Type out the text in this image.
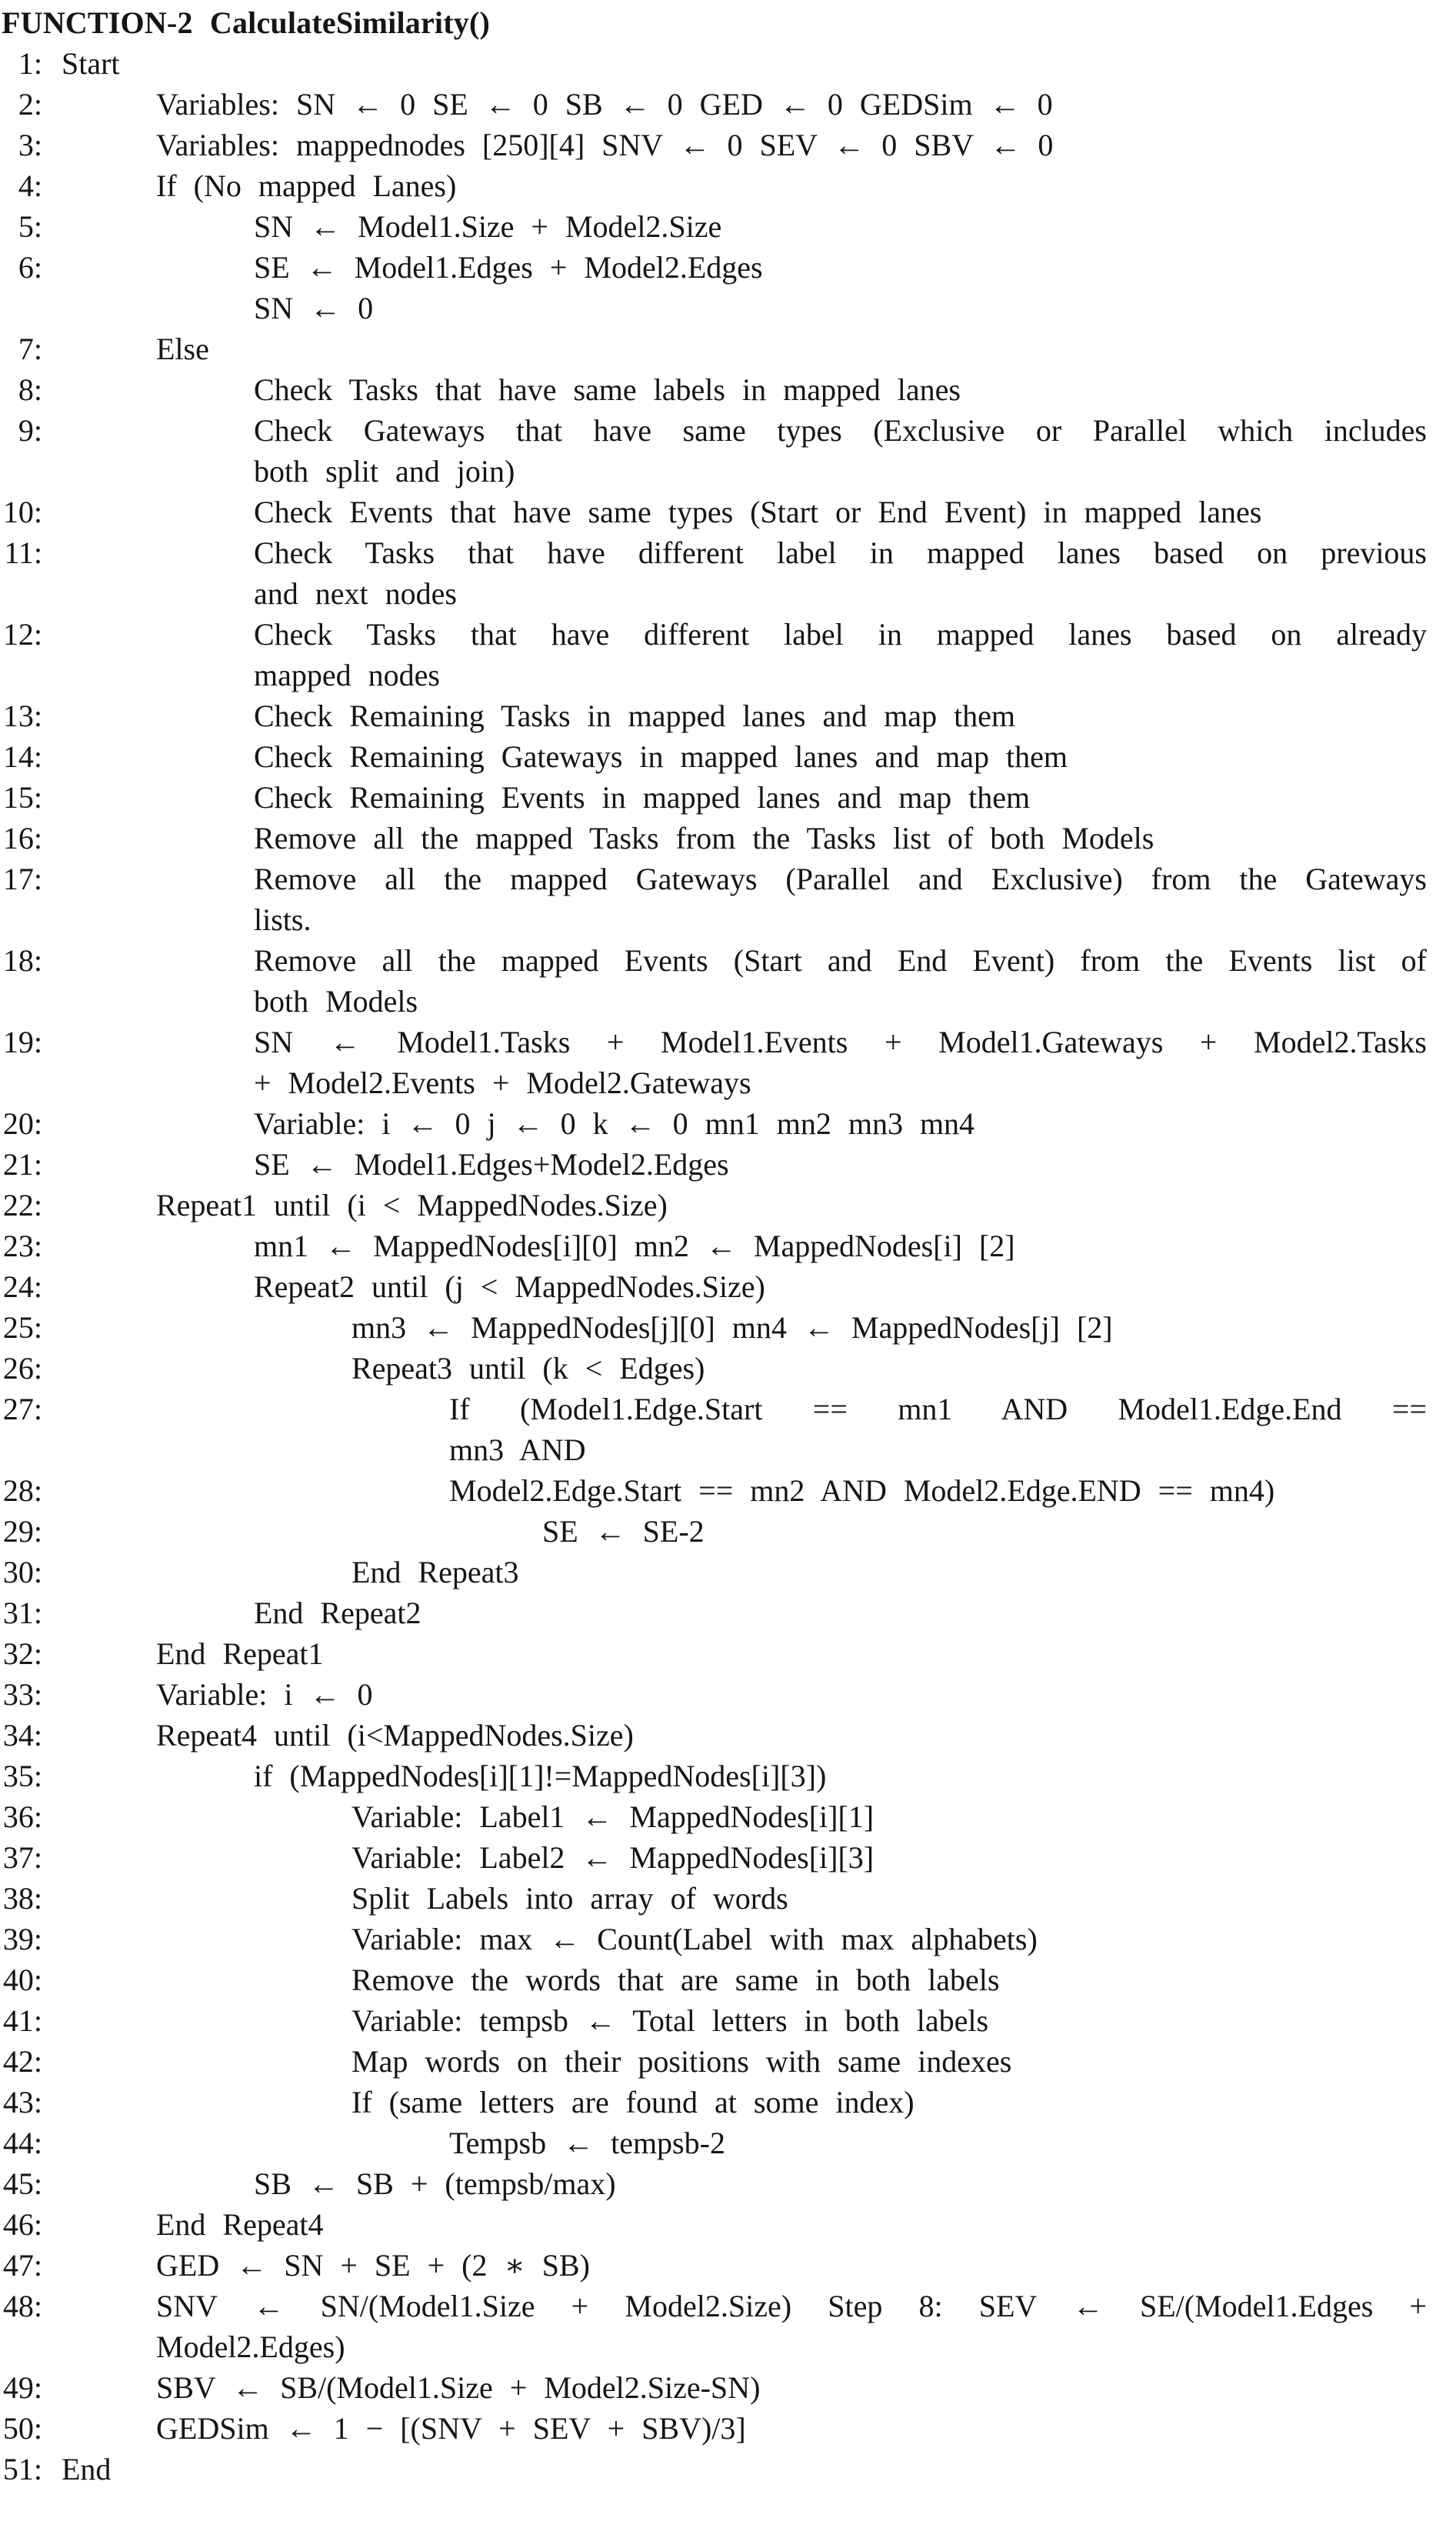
FUNCTION-2 CalculateSimilarity()
1: Start
2:	Variables: SN ← 0 SE ← 0 SB ← 0 GED ← 0 GEDSim ← 0
3:	Variables: mappednodes [250][4] SNV ← 0 SEV ← 0 SBV ← 0
4:	If (No mapped Lanes)
5:	SN ← Model1.Size + Model2.Size
6:	SE ← Model1.Edges + Model2.Edges
SN ← 0
7:	Else
8:	Check Tasks that have same labels in mapped lanes
9:	Check Gateways that have same types (Exclusive or Parallel which includes
both split and join)
10:	Check Events that have same types (Start or End Event) in mapped lanes
11:	Check Tasks that have different label in mapped lanes based on previous
and next nodes
12:	Check Tasks that have different label in mapped lanes based on already
mapped nodes
13:	Check Remaining Tasks in mapped lanes and map them
14:	Check Remaining Gateways in mapped lanes and map them
15:	Check Remaining Events in mapped lanes and map them
16:	Remove all the mapped Tasks from the Tasks list of both Models
17:	Remove all the mapped Gateways (Parallel and Exclusive) from the Gateways
lists.
18:	Remove all the mapped Events (Start and End Event) from the Events list of
both Models
19:	SN ← Model1.Tasks + Model1.Events + Model1.Gateways + Model2.Tasks
+ Model2.Events + Model2.Gateways
20:	Variable: i ← 0 j ← 0 k ← 0 mn1 mn2 mn3 mn4
21:	SE ← Model1.Edges+Model2.Edges
22:	Repeat1 until (i < MappedNodes.Size)
23:	mn1 ← MappedNodes[i][0] mn2 ← MappedNodes[i] [2]
24:	Repeat2 until (j < MappedNodes.Size)
25:	mn3 ← MappedNodes[j][0] mn4 ← MappedNodes[j] [2]
26:	Repeat3 until (k < Edges)
27:	If (Model1.Edge.Start == mn1 AND Model1.Edge.End ==
mn3 AND
28:	Model2.Edge.Start == mn2 AND Model2.Edge.END == mn4)
29:	SE ← SE-2
30:	End Repeat3
31:	End Repeat2
32:	End Repeat1
33:	Variable: i ← 0
34:	Repeat4 until (i<MappedNodes.Size)
35:	if (MappedNodes[i][1]!=MappedNodes[i][3])
36:	Variable: Label1 ← MappedNodes[i][1]
37:	Variable: Label2 ← MappedNodes[i][3]
38:	Split Labels into array of words
39:	Variable: max ← Count(Label with max alphabets)
40:	Remove the words that are same in both labels
41:	Variable: tempsb ← Total letters in both labels
42:	Map words on their positions with same indexes
43:	If (same letters are found at some index)
44:	Tempsb ← tempsb-2
45:	SB ← SB + (tempsb/max)
46:	End Repeat4
47:	GED ← SN + SE + (2 ∗ SB)
48:	SNV ← SN/(Model1.Size + Model2.Size) Step 8: SEV ← SE/(Model1.Edges +
Model2.Edges)
49:	SBV ← SB/(Model1.Size + Model2.Size-SN)
50:	GEDSim ← 1 − [(SNV + SEV + SBV)/3]
51: End
